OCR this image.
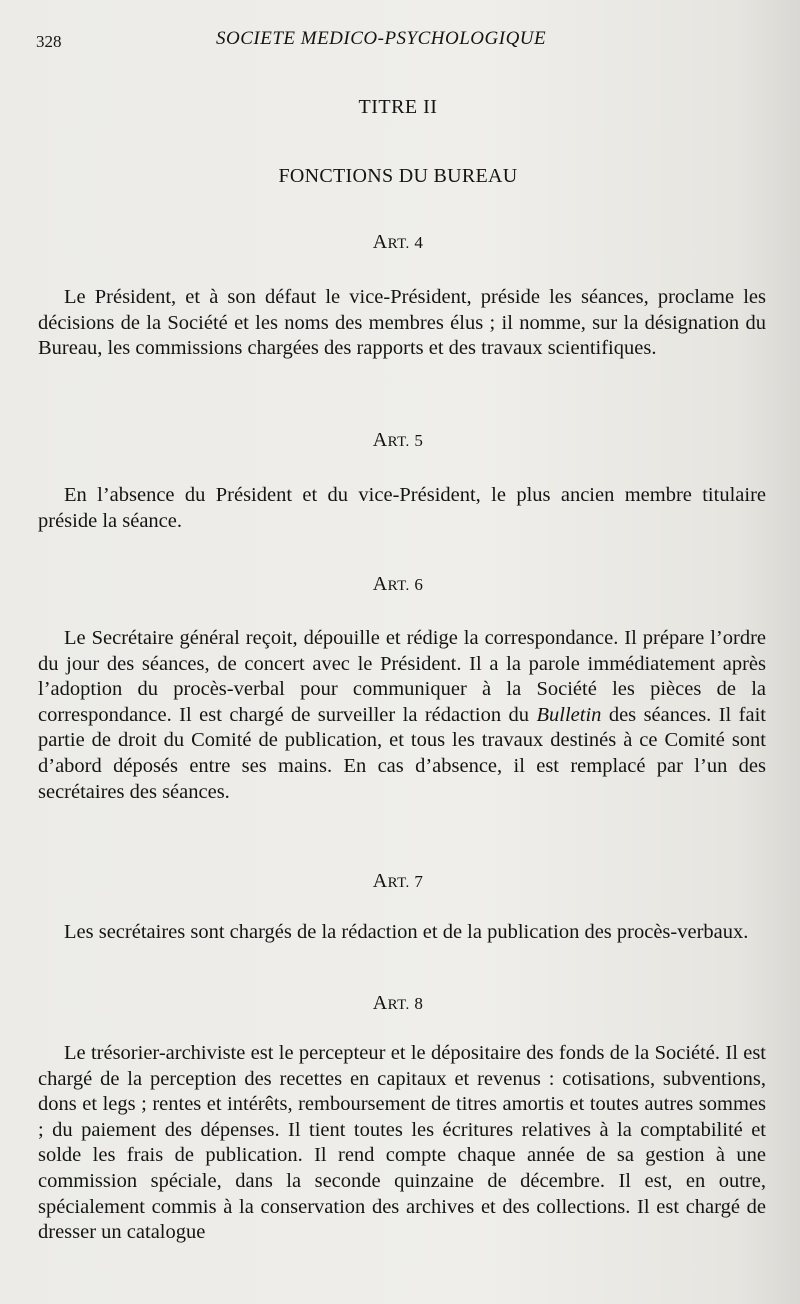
328	SOCIETE MEDICO-PSYCHOLOGIQUE
TITRE II
FONCTIONS DU BUREAU
ART. 4

Le Président, et à son défaut le vice-Président, préside les séances, proclame les décisions de la Société et les noms des membres élus ; il nomme, sur la désignation du Bureau, les commissions chargées des rapports et des travaux scientifiques.

ART. 5

En l’absence du Président et du vice-Président, le plus ancien membre titulaire préside la séance.

ART. 6

Le Secrétaire général reçoit, dépouille et rédige la correspondance. Il prépare l’ordre du jour des séances, de concert avec le Président. Il a la parole immédiatement après l’adoption du procès-verbal pour communiquer à la Société les pièces de la correspondance. Il est chargé de surveiller la rédaction du Bulletin des séances. Il fait partie de droit du Comité de publication, et tous les travaux destinés à ce Comité sont d’abord déposés entre ses mains. En cas d’absence, il est remplacé par l’un des secrétaires des séances.

ART. 7

Les secrétaires sont chargés de la rédaction et de la publication des procès-verbaux.

ART. 8

Le trésorier-archiviste est le percepteur et le dépositaire des fonds de la Société. Il est chargé de la perception des recettes en capitaux et revenus : cotisations, subventions, dons et legs ; rentes et intérêts, remboursement de titres amortis et toutes autres sommes ; du paiement des dépenses. Il tient toutes les écritures relatives à la comptabilité et solde les frais de publication. Il rend compte chaque année de sa gestion à une commission spéciale, dans la seconde quinzaine de décembre. Il est, en outre, spécialement commis à la conservation des archives et des collections. Il est chargé de dresser un catalogue
